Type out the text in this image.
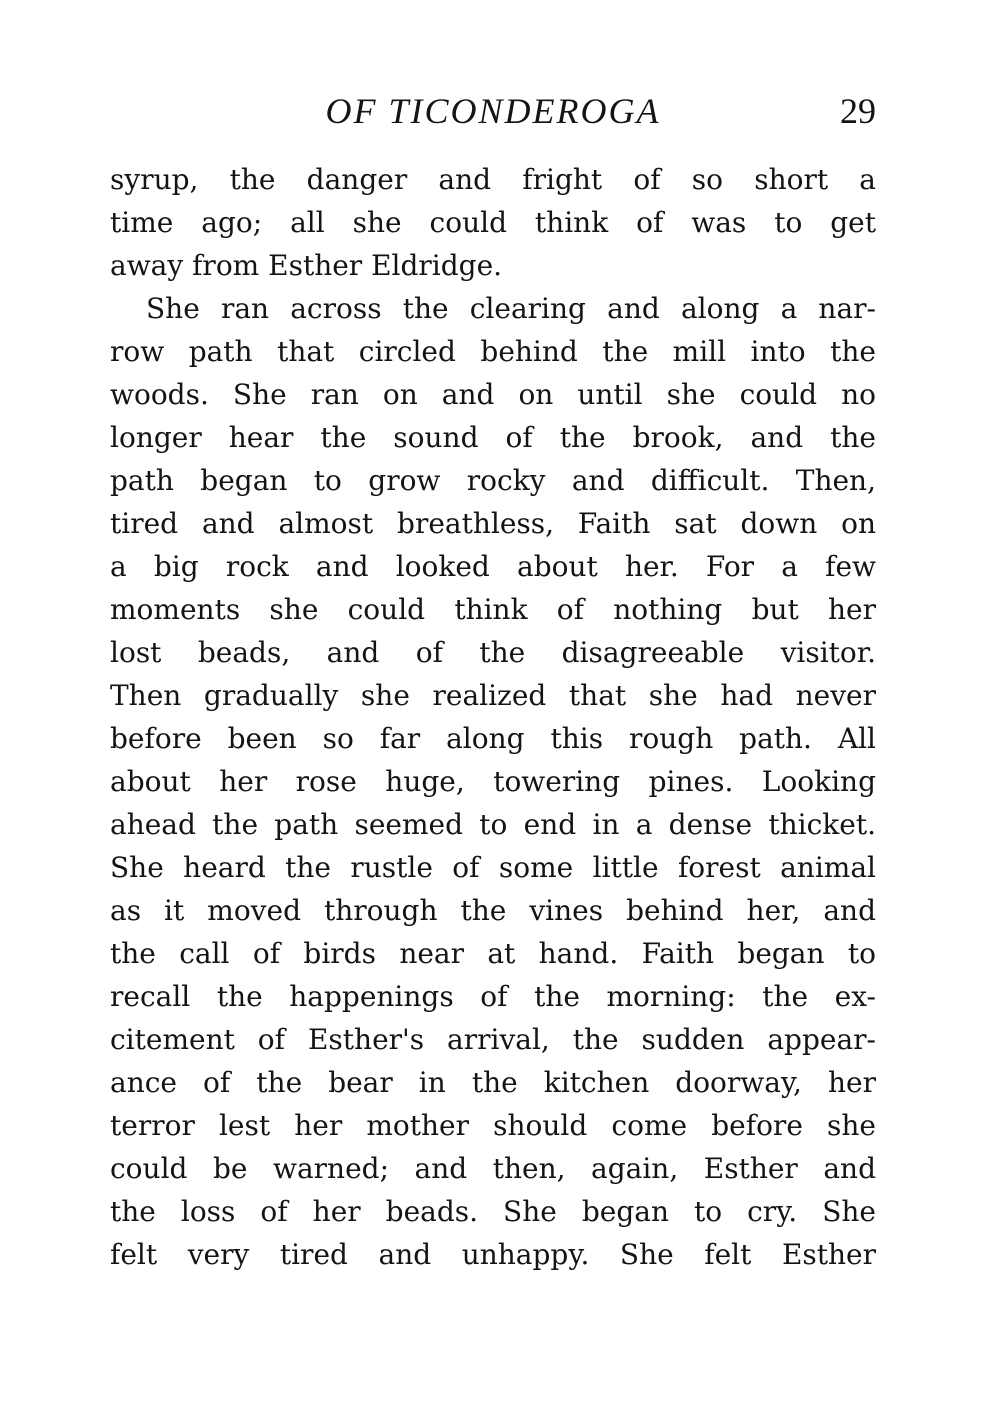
OF TICONDEROGA	29
syrup, the danger and fright of so short a
time ago; all she could think of was to get
away from Esther Eldridge.
She ran across the clearing and along a nar-
row path that circled behind the mill into the
woods. She ran on and on until she could no
longer hear the sound of the brook, and the
path began to grow rocky and difficult. Then,
tired and almost breathless, Faith sat down on
a big rock and looked about her. For a few
moments she could think of nothing but her
lost beads, and of the disagreeable visitor.
Then gradually she realized that she had never
before been so far along this rough path. All
about her rose huge, towering pines. Looking
ahead the path seemed to end in a dense thicket.
She heard the rustle of some little forest animal
as it moved through the vines behind her, and
the call of birds near at hand. Faith began to
recall the happenings of the morning: the ex-
citement of Esther's arrival, the sudden appear-
ance of the bear in the kitchen doorway, her
terror lest her mother should come before she
could be warned; and then, again, Esther and
the loss of her beads. She began to cry. She
felt very tired and unhappy. She felt Esther
